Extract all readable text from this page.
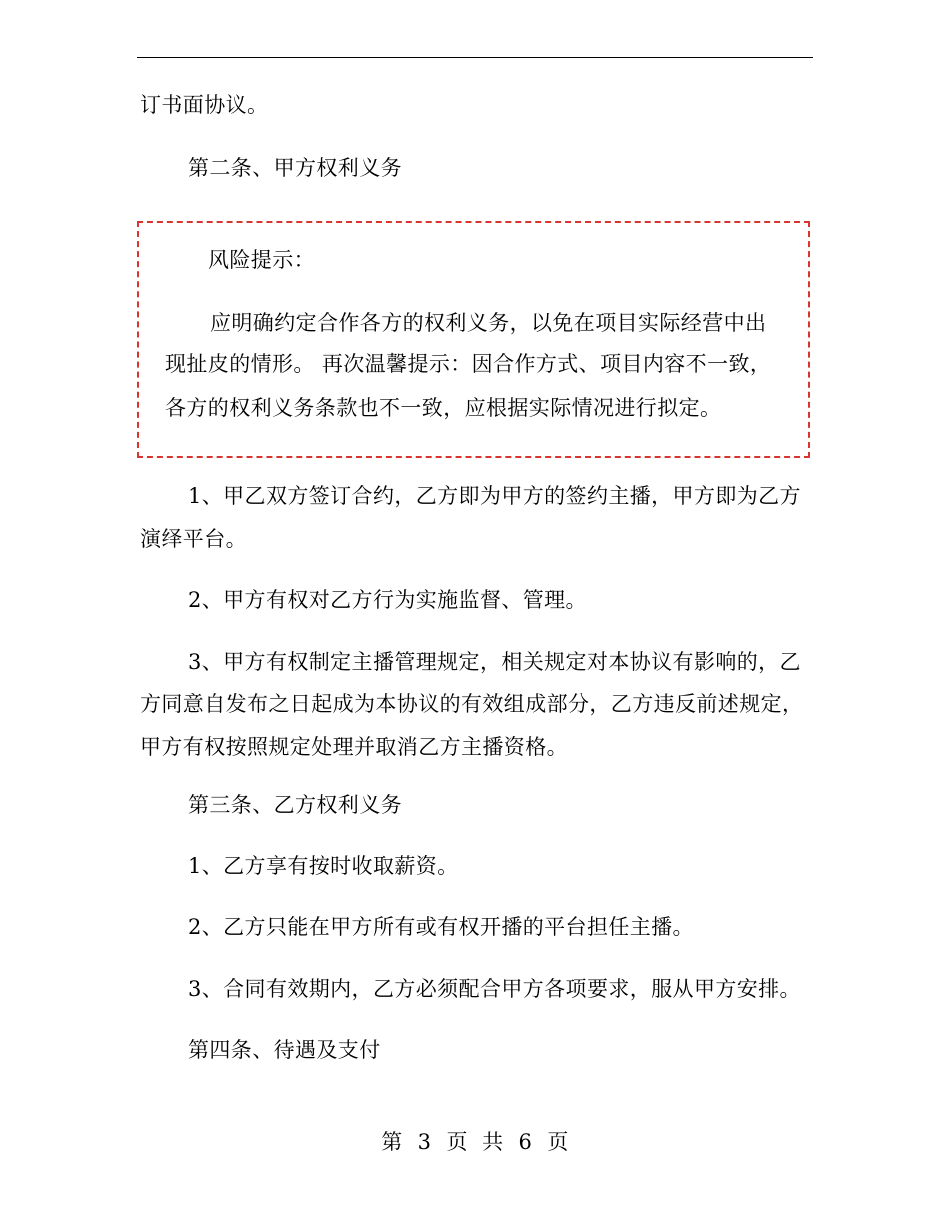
订书面协议。
第二条、甲方权利义务
风险提示：
应明确约定合作各方的权利义务，以免在项目实际经营中出
现扯皮的情形。 再次温馨提示：因合作方式、项目内容不一致，
各方的权利义务条款也不一致，应根据实际情况进行拟定。
1、甲乙双方签订合约，乙方即为甲方的签约主播，甲方即为乙方
演绎平台。
2、甲方有权对乙方行为实施监督、管理。
3、甲方有权制定主播管理规定，相关规定对本协议有影响的，乙
方同意自发布之日起成为本协议的有效组成部分，乙方违反前述规定，
甲方有权按照规定处理并取消乙方主播资格。
第三条、乙方权利义务
1、乙方享有按时收取薪资。
2、乙方只能在甲方所有或有权开播的平台担任主播。
3、合同有效期内，乙方必须配合甲方各项要求，服从甲方安排。
第四条、待遇及支付
第 3 页  共 6 页
